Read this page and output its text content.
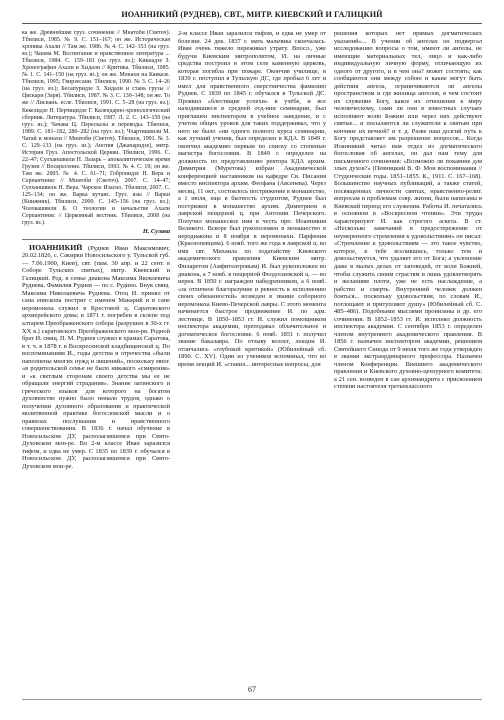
ИОАННИКИЙ (РУДНЕВ), СВТ., МИТР. КИЕВСКИЙ И ГАЛИЦКИЙ

ка же. Древнейшие груз. сочинение // Мнатоби (Светоч). Тбилиси, 1985. № 9. С. 151–167; он же. Историческая хроника Ахали // Там же. 1986. № 4. С. 142–153 (на груз. яз.); Чашма М. Воспитание и нравственное литература ... Тбилиси, 1984. С. 159–181 (на груз. яз.); Кикнадзе З. Хронография Ахали и Хидали // Критика. Тбилиси, 1985. № 1. С. 141–150 (на груз. яз.); он же. Монахи на Кавказе. Тбилиси, 1995; Гвирзесани. Тбилиси, 1990. № 3. С. 14–26 (на груз. яз.); Бесапуридзе З. Хидали и стань грузы // Цискари (Заря). Тбилиси, 1987. № 3. С. 130–148; он же. То же // Лисиань. есле. Тбилиси, 1991. С. 5–28 (на груз. яз.); Кекелидзе Н. Перчицидзе Г. Календарно-хронологический сборник. Литература. Тбилиси, 1987. Л. 2. С. 143–150 (на груз. яз.); Чачава Ц. Пересказы и переводы. Тбилиси, 1989. С. 181–182, 280–282 (на груз. яз.); Чхартишвили М. Чатай и монахи // Мнатоби (Светоч). Тбилиси, 1991. № 3. С. 129–133 (на груз. яз.); Анотия (Джапаридзе), митр. История Груз. Апостольской Церкви. Тбилиси, 1996. С. 22–47; Сулханшвили Н. Лазарь – апокалиптическое время Грузии // Воскресение. Тбилиси, 1993. № 4. С. 19; он же. Там же. 2005. № 4. С. 61–71; Гобронидзе Н. Вера и Серпантинис // Мнатоби (Светоч). 2007. С. 14–47; Сулханшвили Н. Вера. Чарское Изасно. Тбилиси, 2007. С. 125–134; он же. Варка кутаис. Груз. язы // Варки (Книжник). Тбилиси, 2000. С. 145–156 (на груз. яз.); Чолокашвили Б. О теологии и начальстве Ахали Серпантинис // Церковный вестник. Тбилиси, 2008 (на груз. яз.).

Н. Сулава

ИОАННИКИЙ (Руднев Иван Максимович; 20.02.1826, с. Сакирки Новосильского у. Тульской губ. — 7.06.1900, Киев), свт. (пам. 30 апр. и 22 сент. в Соборе Тульских святых), митр. Киевский и Галицкий. Род. в семье диакона Максима Яковлевича Руднева. Фамилия Руднев — по с. Рудино. Внук свящ. Максима Николаевича Руднева. Отец И. принял от сана епископа постриг с именем Макарий и в сане иеромонаха служил в Крестовой ц. Саратовского архиерейского дома; в 1871 г. погребен в склепе под алтарем Преображенского собора (разрушен в 30-х гг. XX в.) саратовского Преображенского мон-ря. Родной брат И. свящ. П. М. Руднев служил в храмах Саратова, в т. ч. в 1878 г. в Воскресенской кладбищенской ц. По воспоминаниям И., годы детства и отрочества «были наполнены многих нужд и лишений», поскольку мног. «в родительской семье не было никакого «смирения» и «к светлым сторонам своего детства мы ее не обращали энергий страдания». Знание латинского и греческого языков для которого на богатом духовенстве нужно было немало трудов, однако о получении духовного образования и практической молитвенной практике богословской мысли и о правилах послушания и нравственного совершенствования. В 1836 г. начал обучение в Новосильском ДУ, располагавшемся при Свято-Духовском мон-ре. Во 2-м классе Иван заразился тифом, и едва не умер. С 1835 по 1839 г. обучался в Новосильском ДУ, располагавшемся при Свято-Духовском мон-ре.

2-м классе Иван заразился тифом, и едва не умер от болезни. 24 дек. 1837 г. мать мальчика скончалась. Иван очень тяжело переживал утрату. Впосл., уже будучи Киевским митрополитом, И. на личные средства построил в этом селе каменную церковь, которая погибла при пожаре. Окончив училище, в 1839 г. поступил в Тульскую ДС, где пробыл 6 лет и имел для нравственного сверстничества фамилию Руднев. С 1839 по 1845 г. обучался в Тульской ДС. Проявил «блестящие успехи» в учёбе, и все находившиеся в средней отд-нии семинарии, был приглашен инспектором в учебное заведение, и с учетом общих уроков для таких поддерживал, что у него не было «ни одного полного курса семинарии, как лучший ученик, был определен в КДА. В 1849 г. окончил академию первым по списку со степенью магистра богословия. В 1849 г. определен на должность по представлению ректора КДА архим. Димитрия (Муретова) избран Академической конференцией наставником на кафедре Св. Писания вместо инспектора архим. Феофана (Авсенева). Через месяц, 11 окт., состоялось пострижение в монашество, а 1 июля, еще в бытность студентом, Руднев был пострижен в монашество архим. Димитрием в лаврской пещерной ц. при Антонии Печерского. Получил монашеское имя в честь прп. Иоанникия Великого. Вскоре был рукоположен в монашество в иеродиакона и 8 ноября в иеромонахи. Парфения (Краснопевцева). 6 нояб. того же года в лаврской ц. во имя свт. Михаила по ходатайству Киевского академического правления Киевским митр. Филаретом (Амфитеатровым) И. был рукоположен во диакона, а 7 нояб. в пещерной Феодосиевской ц. — во иерея. В 1850 г. награжден набедренником, а 6 нояб. «за отличное благоразумие и ревность к исполнению своих обязанностей» возведен в звание соборного иеромонаха Киево-Печерской лавры. С этого момента начинается быстрое продвижение И. по адм. лестнице. В 1850–1853 гг. И. служил помощником инспектора академии, преподавал облачительное и догматическое богословие. 6 нояб. 1851 г. получил звание бакалавра. По отзыву коллег, лекции И. отличались «глубокой критикой» (Юбилейный сб. 1890. С. XV). Один из учеников вспоминал, что во время лекций И. «ставил... интересные вопросы, для

решения которых нет прямых догматических указаний»... В учении об ангелах он подвергал исследованию вопросы о том, имеют ли ангелы, не имеющие материальных тел, лицо и как-либо индивидуальную личную форму, отличающую их одного от другого, и в чем она? может состоять; как сообщаются они между собою и какие могут быть действия ангела, ограничиваются ли ангелы пространством и где жилища ангелов, в чем состоит их служение Богу, какое их отношение к миру человеческому, сами ли они в известных случаях исполняют волю Божию или через них действуют святые... и посылаются ли служители к святым при кончине их вечной? и т. д. Разве наш долгий путь к Богу представляет им разрешение вопросов... Когда Иоанникий читал нам отдел из догматического богословия об ангелах, он дал нам тему для письменного сочинения: «Возможно ли покаяние для злых духов?» (Певницкий В. Ф. Мои воспоминания // Студенческие годы. 1851–1855. К., 1911. С. 167–168). Большинство научных публикаций, а также статей, посвященных личности святых, нравственно-религ. вопросам и проблемам совр. жизни, были написаны в Киевский период его служения. Работы И. печатались в основном в «Воскресном чтении». Эти труды характеризуют И. как строгого аскета. В ст. «Несколько замечаний в предостережение от неумеренного стремления к удовольствиям» он писал: «Стремление к удовольствиям — это такое чувство, которое, в тебе вселившись, только тем и довольствуется, что удаляет его от Бога; а уклонение даже в малых делах от заповедей, от воли Божией, чтобы служить своим страстям и лишь удовлетворять и желаниям плоти, уже не есть наслаждение, а рабство и смерть. Внутренний человек должен бояться... поскольку удовольствия, по словам И., поглощают и притупляют душу» (Юбилейный сб. С. 485–486). Подобными мыслями пронизаны и др. его сочинения. В 1852–1853 гг. И. исполнял должность инспектора академии. С сентября 1853 г. определен членом внутреннего академического правления. В 1856 г. назначен инспектором академии, решением Святейшего Синода от 9 июля того же года утвержден в звании экстраординарного профессора. Назначен членом Конференции. Внешнего академического правления и Киевского духовно-цензурного комитета; а 21 сен. возведен в сан архимандрита с присвоением степени настоятеля третьеклассного

67
